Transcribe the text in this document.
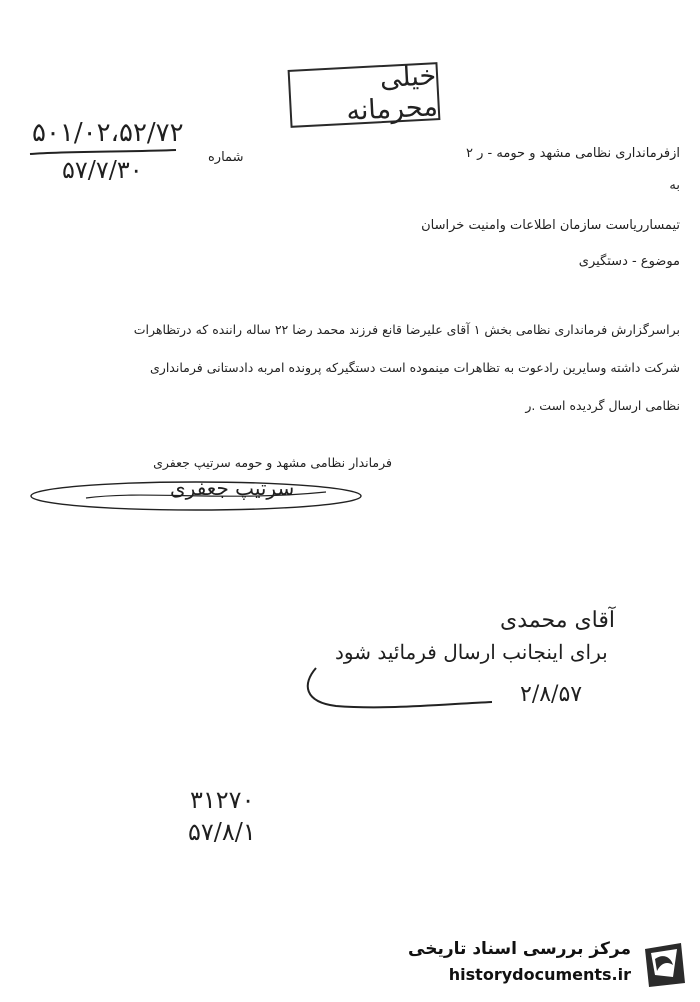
خیلی محرمانه
۵۰۱/۰۲،۵۲/۷۲
۵۷/۷/۳۰	شماره	ازفرماندارى نظامى مشهد و حومه - ر ۲
به
تیمسارریاست سازمان اطلاعات وامنیت خراسان
موضوع - دستگیرى
براسرگزارش فرماندارى نظامى بخش ۱ آقاى علیرضا قانع فرزند محمد رضا ۲۲ ساله راننده که درتظاهرات
شرکت داشته وسایرین رادعوت به تظاهرات مینموده است دستگیرکه پرونده امربه دادستانى فرمانداری
نظامى ارسال گردیده است .ر
فرماندار نظامى مشهد و حومه سرتیپ جعفرى
سرتیپ جعفرى
آقای محمدی
برای اینجانب ارسال فرمائید شود
۲/۸/۵۷
۳۱۲۷۰
۵۷/۸/۱
مرکز بررسی اسناد تاریخی
historydocuments.ir
